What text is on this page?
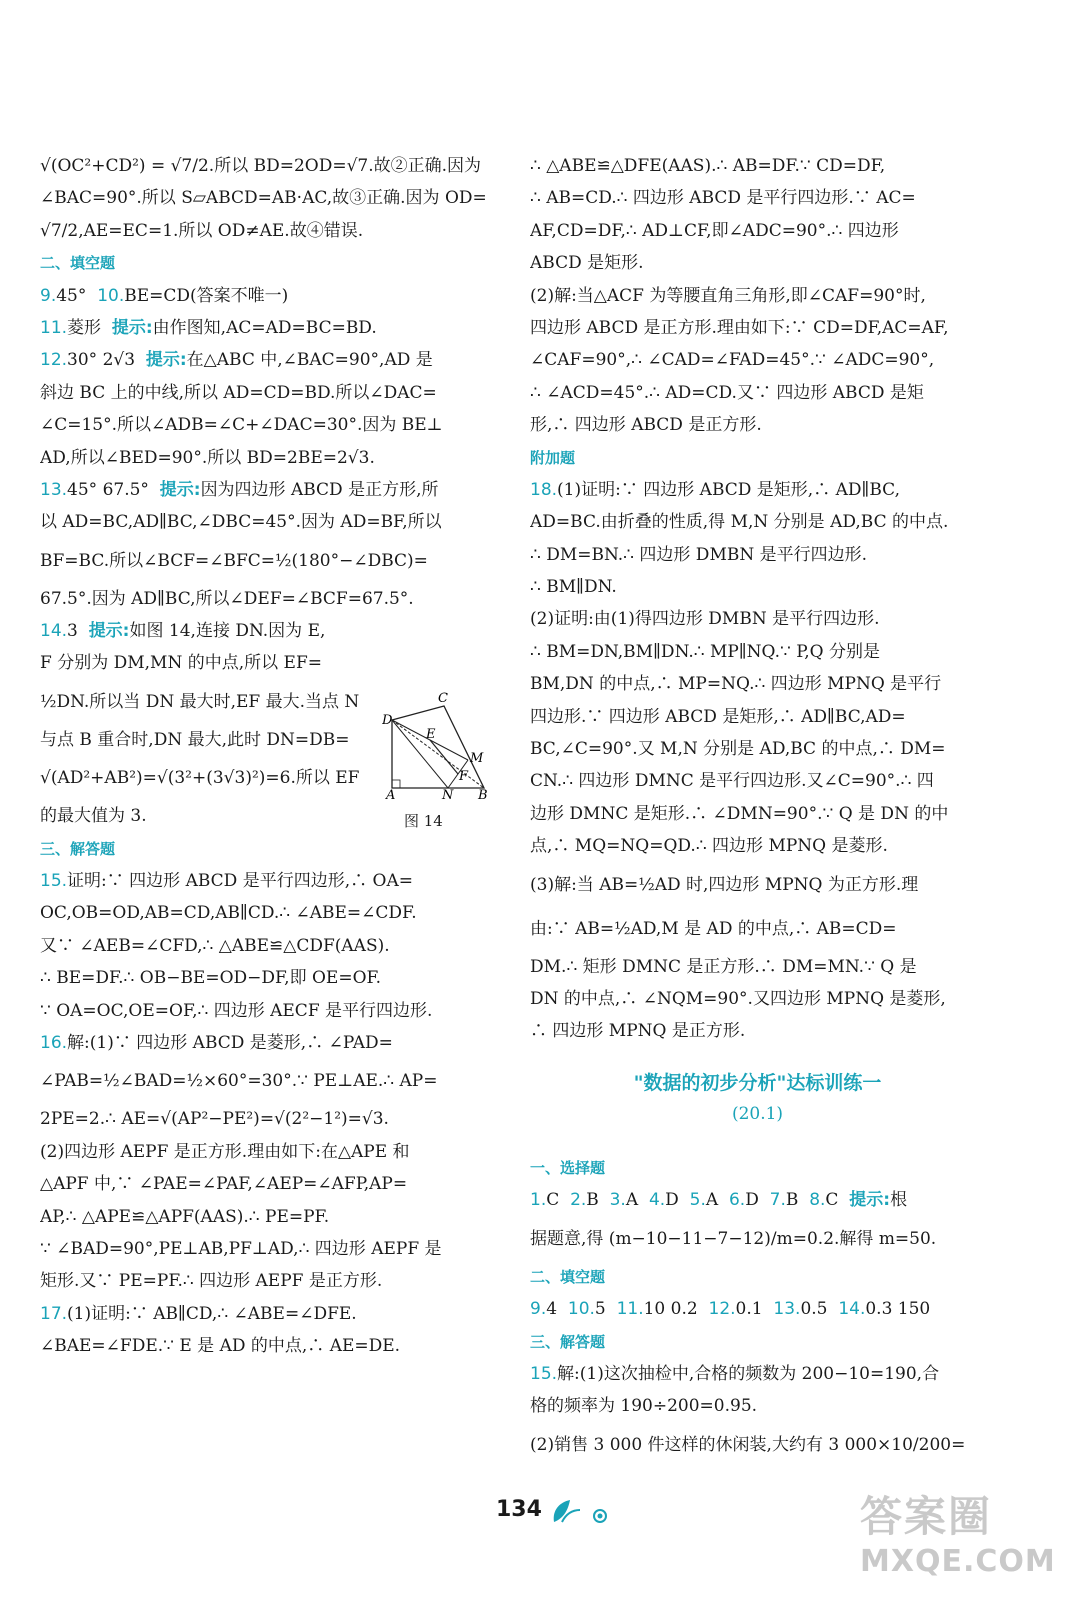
√(OC²+CD²) = √7/2.所以 BD=2OD=√7.故②正确.因为
∠BAC=90°.所以 S▱ABCD=AB·AC,故③正确.因为 OD=
√7/2,AE=EC=1.所以 OD≠AE.故④错误.
二、填空题
9.45° 10.BE=CD(答案不唯一)
11.菱形 提示:由作图知,AC=AD=BC=BD.
12.30° 2√3 提示:在△ABC 中,∠BAC=90°,AD 是
斜边 BC 上的中线,所以 AD=CD=BD.所以∠DAC=
∠C=15°.所以∠ADB=∠C+∠DAC=30°.因为 BE⊥
AD,所以∠BED=90°.所以 BD=2BE=2√3.
13.45° 67.5° 提示:因为四边形 ABCD 是正方形,所
以 AD=BC,AD∥BC,∠DBC=45°.因为 AD=BF,所以
BF=BC.所以∠BCF=∠BFC=½(180°−∠DBC)=
67.5°.因为 AD∥BC,所以∠DEF=∠BCF=67.5°.
14.3 提示:如图 14,连接 DN.因为 E,
F 分别为 DM,MN 的中点,所以 EF=
½DN.所以当 DN 最大时,EF 最大.当点 N
与点 B 重合时,DN 最大,此时 DN=DB=
√(AD²+AB²)=√(3²+(3√3)²)=6.所以 EF
的最大值为 3.
三、解答题
15.证明:∵ 四边形 ABCD 是平行四边形,∴ OA=
OC,OB=OD,AB=CD,AB∥CD.∴ ∠ABE=∠CDF.
又∵ ∠AEB=∠CFD,∴ △ABE≌△CDF(AAS).
∴ BE=DF.∴ OB−BE=OD−DF,即 OE=OF.
∵ OA=OC,OE=OF,∴ 四边形 AECF 是平行四边形.
16.解:(1)∵ 四边形 ABCD 是菱形,∴ ∠PAD=
∠PAB=½∠BAD=½×60°=30°.∵ PE⊥AE.∴ AP=
2PE=2.∴ AE=√(AP²−PE²)=√(2²−1²)=√3.
(2)四边形 AEPF 是正方形.理由如下:在△APE 和
△APF 中,∵ ∠PAE=∠PAF,∠AEP=∠AFP,AP=
AP,∴ △APE≌△APF(AAS).∴ PE=PF.
∵ ∠BAD=90°,PE⊥AB,PF⊥AD,∴ 四边形 AEPF 是
矩形.又∵ PE=PF.∴ 四边形 AEPF 是正方形.
17.(1)证明:∵ AB∥CD,∴ ∠ABE=∠DFE.
∠BAE=∠FDE.∵ E 是 AD 的中点,∴ AE=DE.
C
D
E
M
F
A	N B
图 14
∴ △ABE≌△DFE(AAS).∴ AB=DF.∵ CD=DF,
∴ AB=CD.∴ 四边形 ABCD 是平行四边形.∵ AC=
AF,CD=DF,∴ AD⊥CF,即∠ADC=90°.∴ 四边形
ABCD 是矩形.
(2)解:当△ACF 为等腰直角三角形,即∠CAF=90°时,
四边形 ABCD 是正方形.理由如下:∵ CD=DF,AC=AF,
∠CAF=90°,∴ ∠CAD=∠FAD=45°.∵ ∠ADC=90°,
∴ ∠ACD=45°.∴ AD=CD.又∵ 四边形 ABCD 是矩
形,∴ 四边形 ABCD 是正方形.
附加题
18.(1)证明:∵ 四边形 ABCD 是矩形,∴ AD∥BC,
AD=BC.由折叠的性质,得 M,N 分别是 AD,BC 的中点.
∴ DM=BN.∴ 四边形 DMBN 是平行四边形.
∴ BM∥DN.
(2)证明:由(1)得四边形 DMBN 是平行四边形.
∴ BM=DN,BM∥DN.∴ MP∥NQ.∵ P,Q 分别是
BM,DN 的中点,∴ MP=NQ.∴ 四边形 MPNQ 是平行
四边形.∵ 四边形 ABCD 是矩形,∴ AD∥BC,AD=
BC,∠C=90°.又 M,N 分别是 AD,BC 的中点,∴ DM=
CN.∴ 四边形 DMNC 是平行四边形.又∠C=90°.∴ 四
边形 DMNC 是矩形.∴ ∠DMN=90°.∵ Q 是 DN 的中
点,∴ MQ=NQ=QD.∴ 四边形 MPNQ 是菱形.
(3)解:当 AB=½AD 时,四边形 MPNQ 为正方形.理
由:∵ AB=½AD,M 是 AD 的中点,∴ AB=CD=
DM.∴ 矩形 DMNC 是正方形.∴ DM=MN.∵ Q 是
DN 的中点,∴ ∠NQM=90°.又四边形 MPNQ 是菱形,
∴ 四边形 MPNQ 是正方形.
"数据的初步分析"达标训练一
(20.1)
一、选择题
1.C 2.B 3.A 4.D 5.A 6.D 7.B 8.C 提示:根
据题意,得 (m−10−11−7−12)/m=0.2.解得 m=50.
二、填空题
9.4 10.5 11.10 0.2 12.0.1 13.0.5 14.0.3 150
三、解答题
15.解:(1)这次抽检中,合格的频数为 200−10=190,合
格的频率为 190÷200=0.95.
(2)销售 3 000 件这样的休闲装,大约有 3 000×10/200=
134	答案圈
MXQE.COM
